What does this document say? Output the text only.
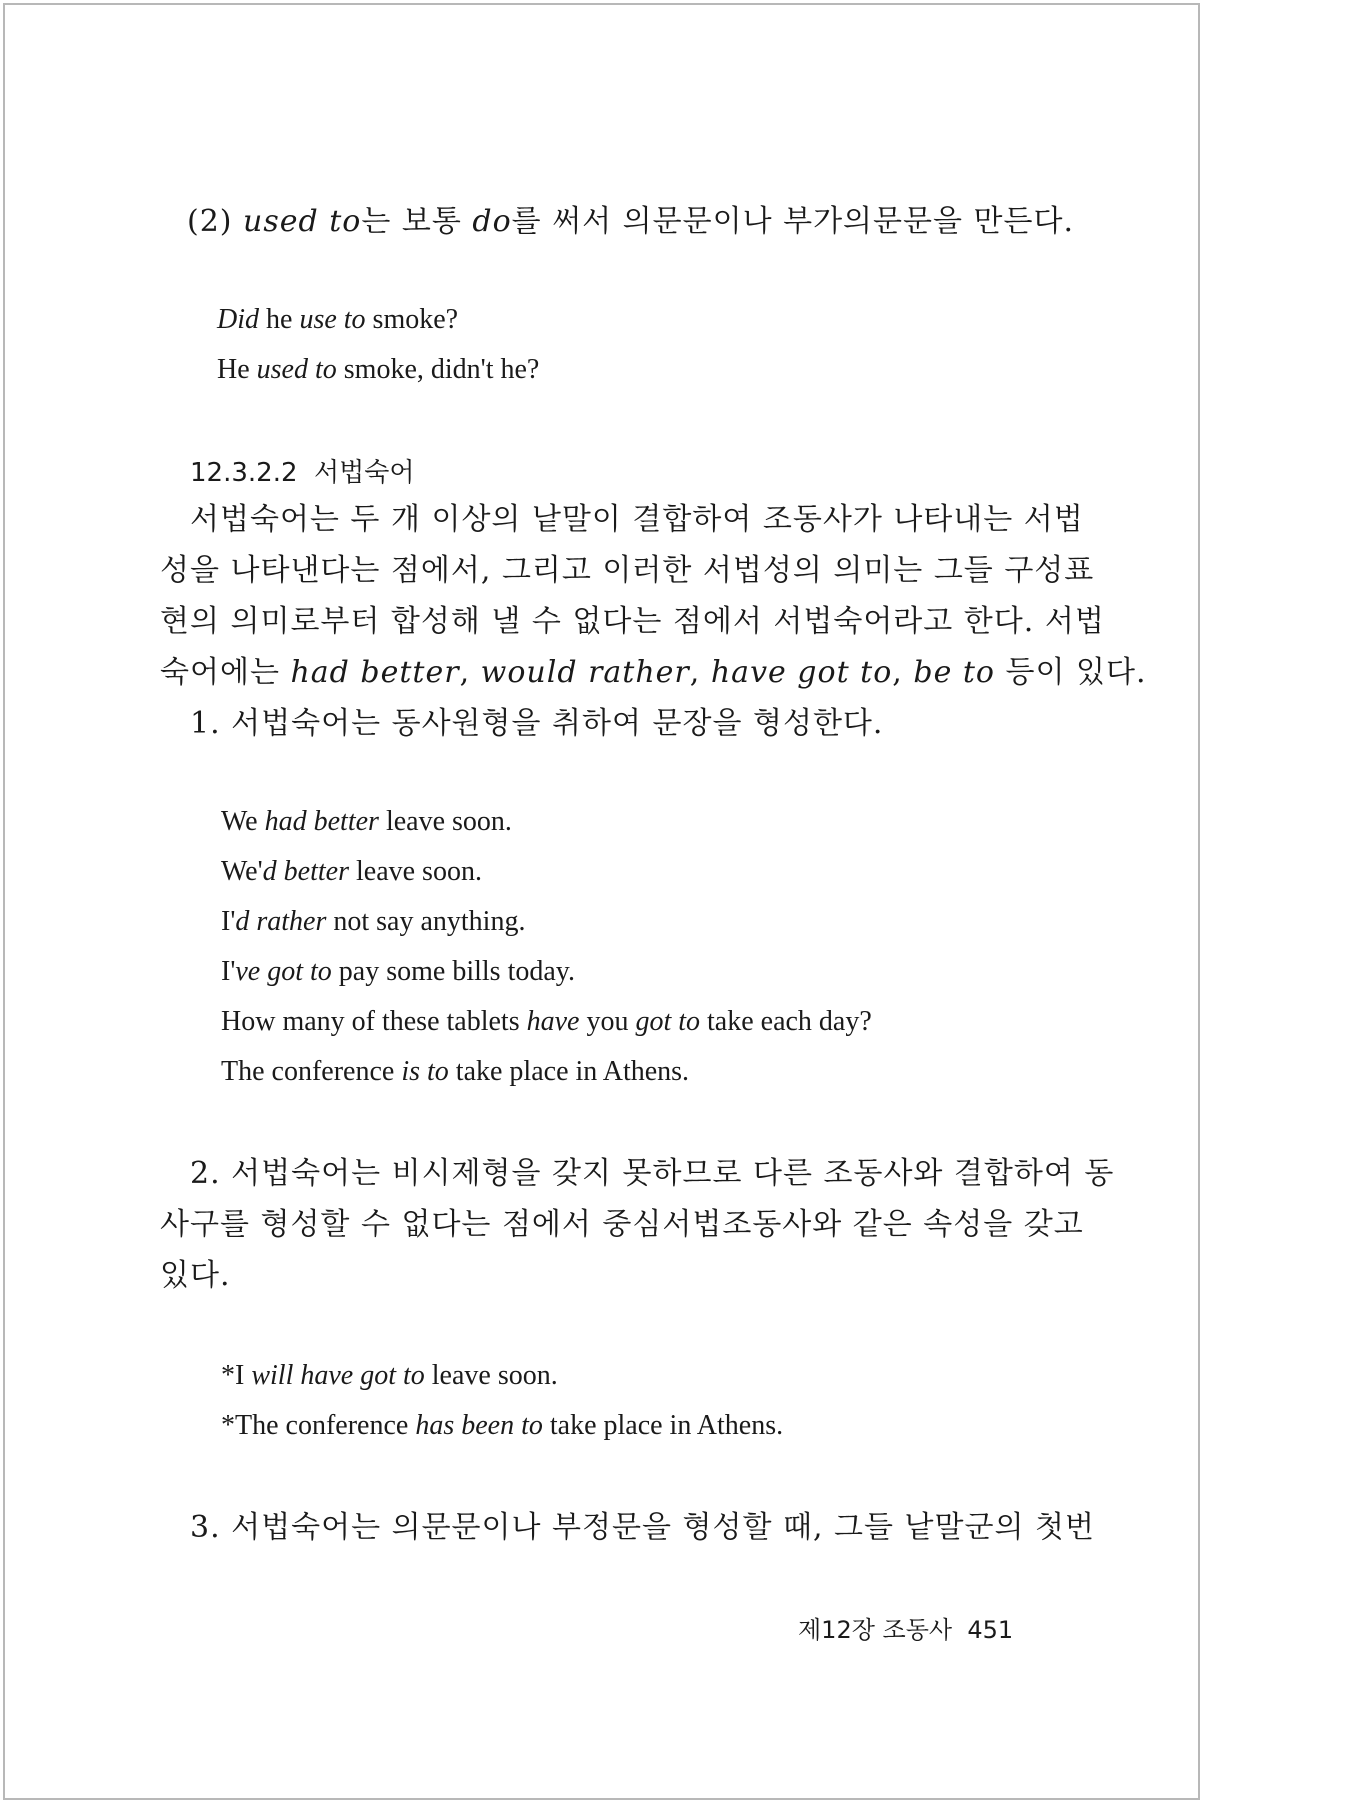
(2) used to는 보통 do를 써서 의문문이나 부가의문문을 만든다.
Did he use to smoke?
He used to smoke, didn't he?
12.3.2.2 서법숙어
서법숙어는 두 개 이상의 낱말이 결합하여 조동사가 나타내는 서법
성을 나타낸다는 점에서, 그리고 이러한 서법성의 의미는 그들 구성표
현의 의미로부터 합성해 낼 수 없다는 점에서 서법숙어라고 한다. 서법
숙어에는 had better, would rather, have got to, be to 등이 있다.
1. 서법숙어는 동사원형을 취하여 문장을 형성한다.
We had better leave soon.
We'd better leave soon.
I'd rather not say anything.
I've got to pay some bills today.
How many of these tablets have you got to take each day?
The conference is to take place in Athens.
2. 서법숙어는 비시제형을 갖지 못하므로 다른 조동사와 결합하여 동
사구를 형성할 수 없다는 점에서 중심서법조동사와 같은 속성을 갖고
있다.
*I will have got to leave soon.
*The conference has been to take place in Athens.
3. 서법숙어는 의문문이나 부정문을 형성할 때, 그들 낱말군의 첫번
제12장 조동사 451
